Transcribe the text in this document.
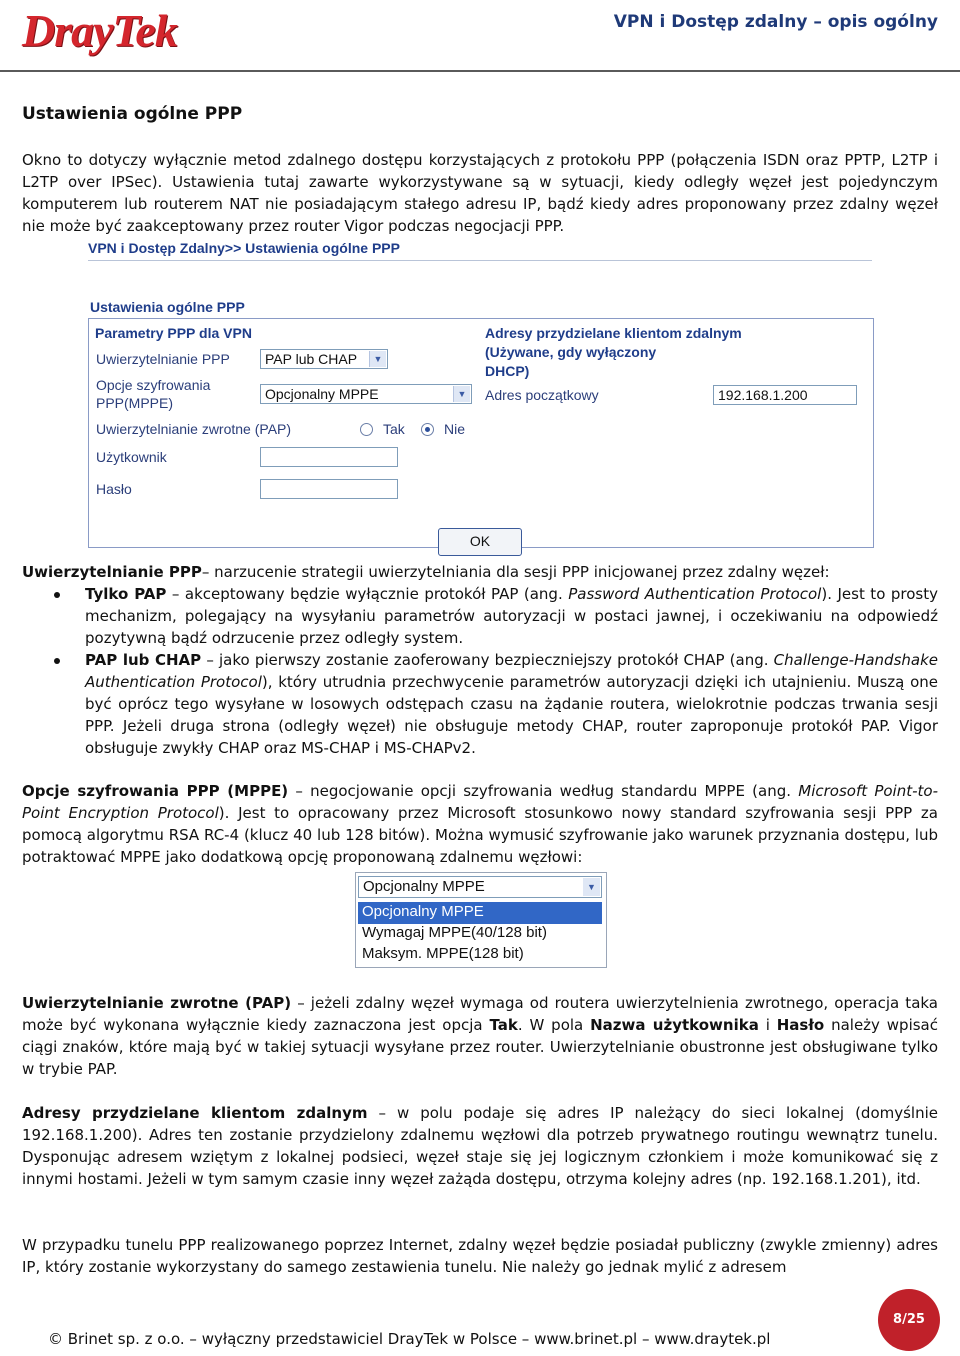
DrayTek	VPN i Dostęp zdalny – opis ogólny
Ustawienia ogólne PPP
Okno to dotyczy wyłącznie metod zdalnego dostępu korzystających z protokołu PPP (połączenia ISDN oraz PPTP, L2TP i L2TP over IPSec). Ustawienia tutaj zawarte wykorzystywane są w sytuacji, kiedy odległy węzeł jest pojedynczym komputerem lub routerem NAT nie posiadającym stałego adresu IP, bądź kiedy adres proponowany przez zdalny węzeł nie może być zaakceptowany przez router Vigor podczas negocjacji PPP.
VPN i Dostęp Zdalny>> Ustawienia ogólne PPP
Ustawienia ogólne PPP
Parametry PPP dla VPN
Uwierzytelnianie PPP	PAP lub CHAP	▼
Opcje szyfrowania
PPP(MPPE)
Opcjonalny MPPE	▼
Uwierzytelnianie zwrotne (PAP)	Tak	Nie
Użytkownik
Hasło
Adresy przydzielane klientom zdalnym
(Używane, gdy wyłączony
DHCP)
Adres początkowy	192.168.1.200
OK
Uwierzytelnianie PPP– narzucenie strategii uwierzytelniania dla sesji PPP inicjowanej przez zdalny węzeł:
Tylko PAP – akceptowany będzie wyłącznie protokół PAP (ang. Password Authentication Protocol). Jest to prosty mechanizm, polegający na wysyłaniu parametrów autoryzacji w postaci jawnej, i oczekiwaniu na odpowiedź pozytywną bądź odrzucenie przez odległy system.
PAP lub CHAP – jako pierwszy zostanie zaoferowany bezpieczniejszy protokół CHAP (ang. Challenge-Handshake Authentication Protocol), który utrudnia przechwycenie parametrów autoryzacji dzięki ich utajnieniu. Muszą one być oprócz tego wysyłane w losowych odstępach czasu na żądanie routera, wielokrotnie podczas trwania sesji PPP. Jeżeli druga strona (odległy węzeł) nie obsługuje metody CHAP, router zaproponuje protokół PAP. Vigor obsługuje zwykły CHAP oraz MS-CHAP i MS-CHAPv2.
Opcje szyfrowania PPP (MPPE) – negocjowanie opcji szyfrowania według standardu MPPE (ang. Microsoft Point-to-Point Encryption Protocol). Jest to opracowany przez Microsoft stosunkowo nowy standard szyfrowania sesji PPP za pomocą algorytmu RSA RC-4 (klucz 40 lub 128 bitów). Można wymusić szyfrowanie jako warunek przyznania dostępu, lub potraktować MPPE jako dodatkową opcję proponowaną zdalnemu węzłowi:
Opcjonalny MPPE	▼
Opcjonalny MPPE
Wymagaj MPPE(40/128 bit)
Maksym. MPPE(128 bit)
Uwierzytelnianie zwrotne (PAP) – jeżeli zdalny węzeł wymaga od routera uwierzytelnienia zwrotnego, operacja taka może być wykonana wyłącznie kiedy zaznaczona jest opcja Tak. W pola Nazwa użytkownika i Hasło należy wpisać ciągi znaków, które mają być w takiej sytuacji wysyłane przez router. Uwierzytelnianie obustronne jest obsługiwane tylko w trybie PAP.
Adresy przydzielane klientom zdalnym – w polu podaje się adres IP należący do sieci lokalnej (domyślnie 192.168.1.200). Adres ten zostanie przydzielony zdalnemu węzłowi dla potrzeb prywatnego routingu wewnątrz tunelu. Dysponując adresem wziętym z lokalnej podsieci, węzeł staje się jej logicznym członkiem i może komunikować się z innymi hostami. Jeżeli w tym samym czasie inny węzeł zażąda dostępu, otrzyma kolejny adres (np. 192.168.1.201), itd.
W przypadku tunelu PPP realizowanego poprzez Internet, zdalny węzeł będzie posiadał publiczny (zwykle zmienny) adres IP, który zostanie wykorzystany do samego zestawienia tunelu. Nie należy go jednak mylić z adresem
© Brinet sp. z o.o. – wyłączny przedstawiciel DrayTek w Polsce – www.brinet.pl – www.draytek.pl
8/25
